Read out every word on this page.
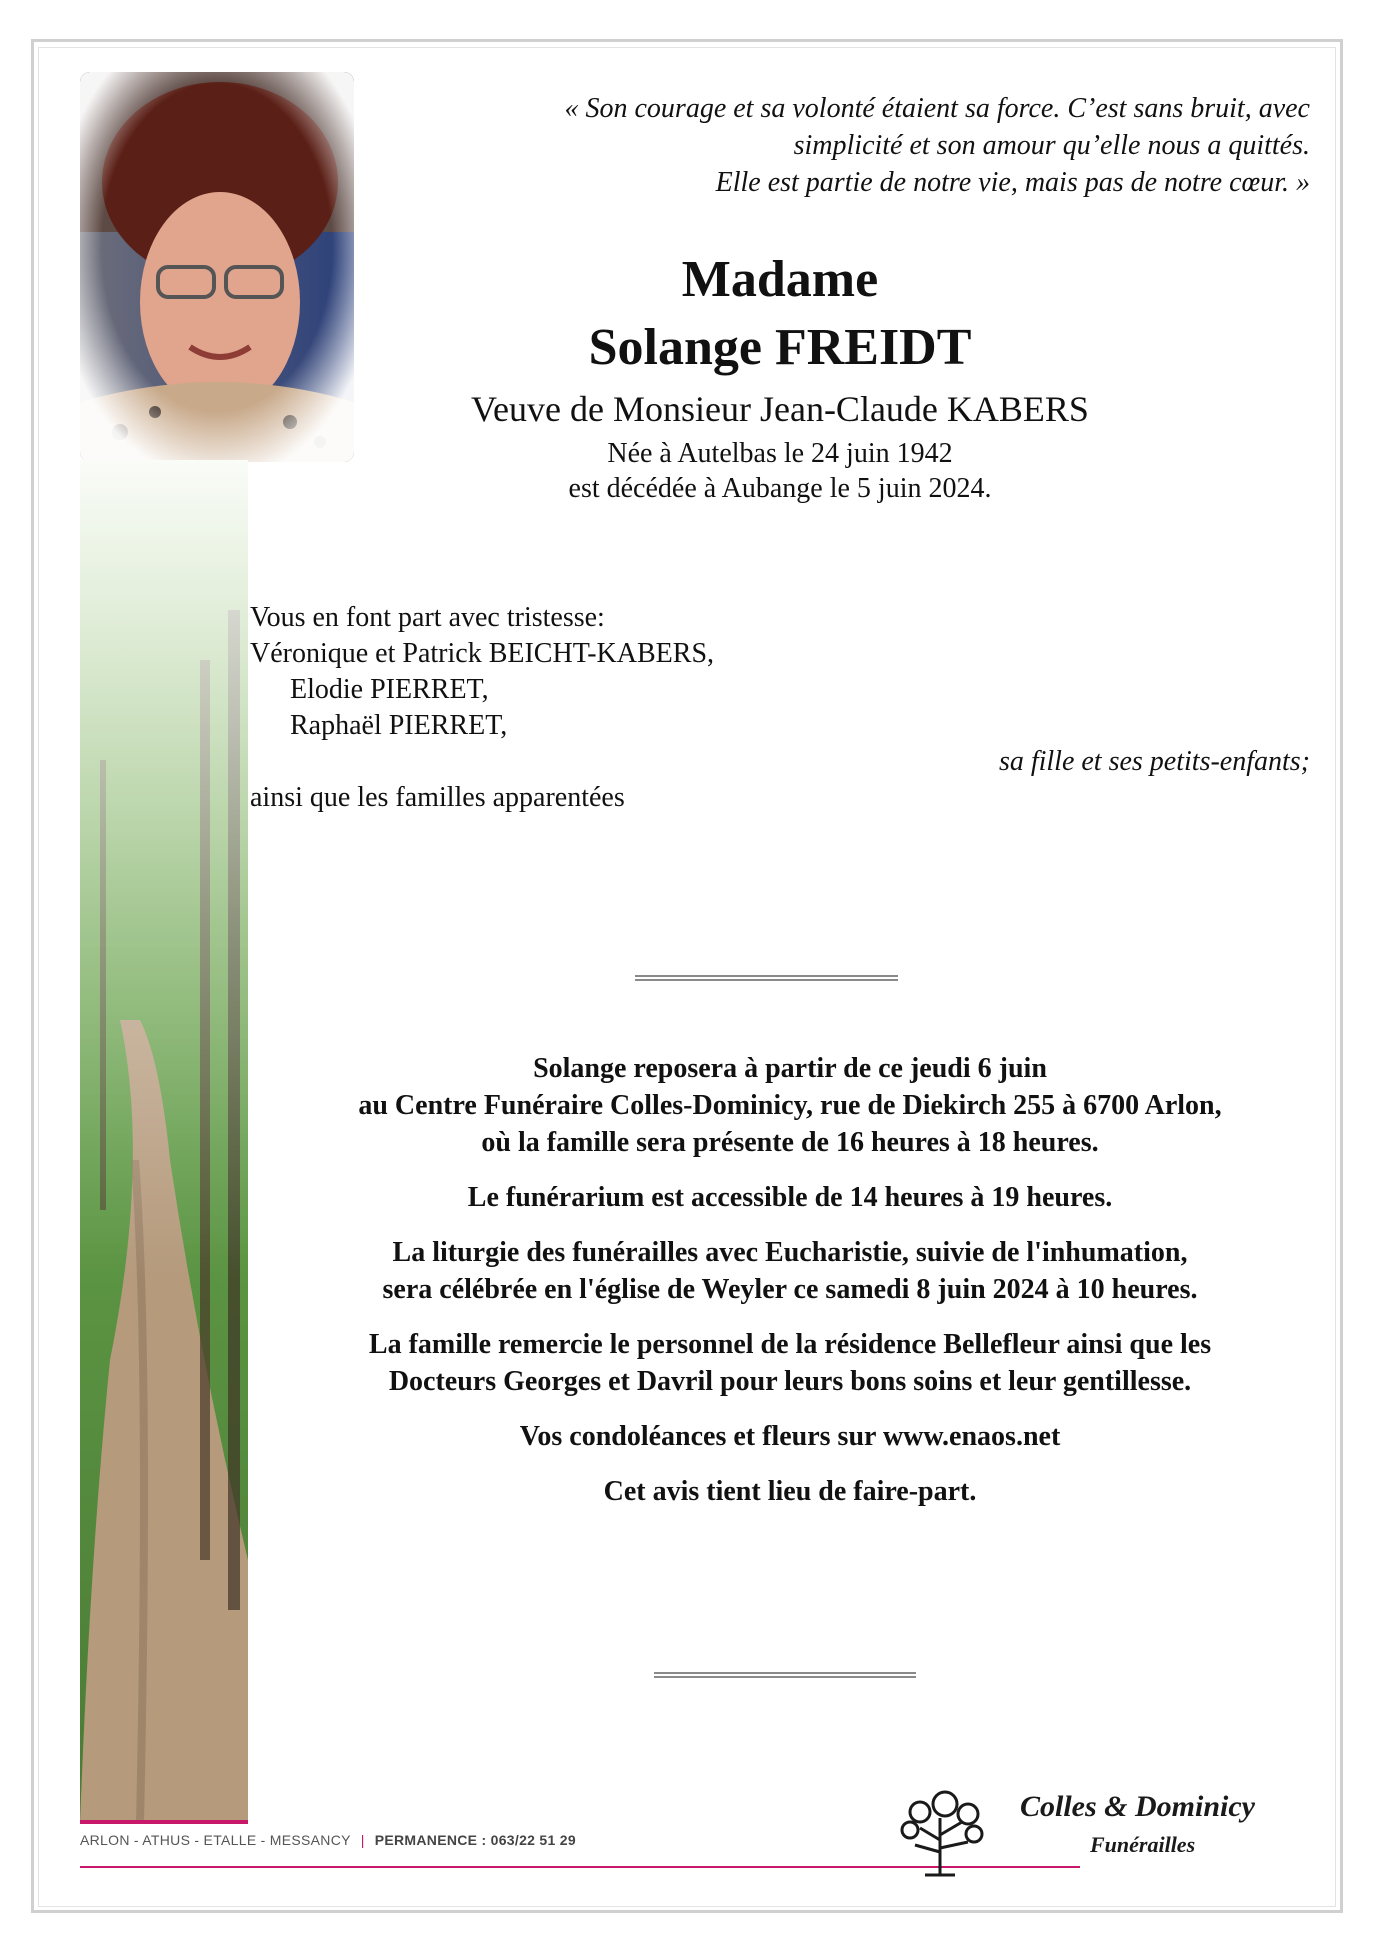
« Son courage et sa volonté étaient sa force. C’est sans bruit, avec
simplicité et son amour qu’elle nous a quittés.
Elle est partie de notre vie, mais pas de notre cœur. »
Madame
Solange FREIDT
Veuve de Monsieur Jean-Claude KABERS
Née à Autelbas le 24 juin 1942
est décédée à Aubange le 5 juin 2024.
Vous en font part avec tristesse:
Véronique et Patrick BEICHT-KABERS,
Elodie PIERRET,
Raphaël PIERRET,
sa fille et ses petits-enfants;
ainsi que les familles apparentées

Solange reposera à partir de ce jeudi 6 juin
au Centre Funéraire Colles-Dominicy, rue de Diekirch 255 à 6700 Arlon,
où la famille sera présente de 16 heures à 18 heures.

Le funérarium est accessible de 14 heures à 19 heures.

La liturgie des funérailles avec Eucharistie, suivie de l'inhumation,
sera célébrée en l'église de Weyler ce samedi 8 juin 2024 à 10 heures.

La famille remercie le personnel de la résidence Bellefleur ainsi que les
Docteurs Georges et Davril pour leurs bons soins et leur gentillesse.

Vos condoléances et fleurs sur www.enaos.net

Cet avis tient lieu de faire-part.

ARLON - ATHUS - ETALLE - MESSANCY | PERMANENCE : 063/22 51 29
Colles & Dominicy
Funérailles
